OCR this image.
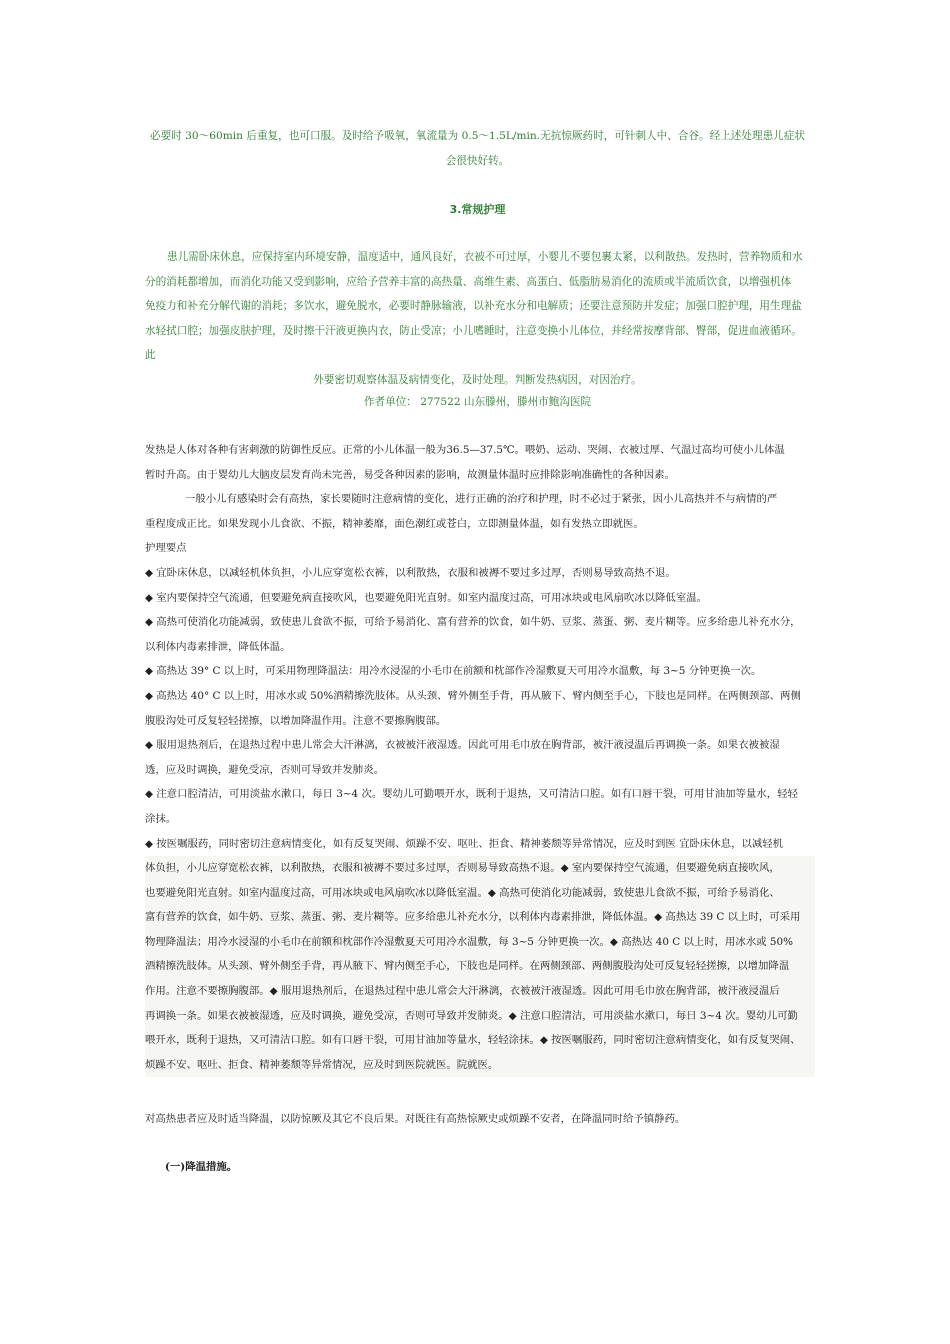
必要时 30～60min 后重复，也可口服。及时给予吸氧，氧流量为 0.5～1.5L/min.无抗惊厥药时，可针刺人中、合谷。经上述处理患儿症状
会很快好转。
3.常规护理
患儿需卧床休息，应保持室内环境安静，温度适中，通风良好，衣被不可过厚，小婴儿不要包裹太紧，以利散热。发热时，营养物质和水
分的消耗都增加，而消化功能又受到影响，应给予营养丰富的高热量、高维生素、高蛋白、低脂肪易消化的流质或半流质饮食，以增强机体
免疫力和补充分解代谢的消耗；多饮水，避免脱水，必要时静脉输液，以补充水分和电解质；还要注意预防并发症；加强口腔护理，用生理盐
水轻拭口腔；加强皮肤护理，及时擦干汗液更换内衣，防止受凉；小儿嗜睡时，注意变换小儿体位，并经常按摩背部、臀部，促进血液循环。此
外要密切观察体温及病情变化，及时处理。判断发热病因，对因治疗。
作者单位： 277522 山东滕州，滕州市鲍沟医院
发热是人体对各种有害刺激的防御性反应。正常的小儿体温一般为36.5—37.5℃。喂奶、运动、哭闹、衣被过厚、气温过高均可使小儿体温
暂时升高。由于婴幼儿大脑皮层发育尚未完善，易受各种因素的影响，故测量体温时应排除影响准确性的各种因素。
一般小儿有感染时会有高热，家长要随时注意病情的变化，进行正确的治疗和护理，时不必过于紧张，因小儿高热并不与病情的严
重程度成正比。如果发现小儿食欲、不振，精神萎靡，面色潮红或苍白，立即测量体温，如有发热立即就医。
护理要点
◆ 宜卧床休息，以减轻机体负担，小儿应穿宽松衣裤，以利散热，衣服和被褥不要过多过厚，否则易导致高热不退。
◆ 室内要保持空气流通，但要避免病直接吹风，也要避免阳光直射。如室内温度过高，可用冰块或电风扇吹冰以降低室温。
◆ 高热可使消化功能减弱，致使患儿食欲不振，可给予易消化、富有营养的饮食，如牛奶、豆浆、蒸蛋、粥、麦片糊等。应多给患儿补充水分，
以利体内毒素排泄，降低体温。
◆ 高热达 39° C 以上时，可采用物理降温法：用冷水浸湿的小毛巾在前额和枕部作冷湿敷夏天可用冷水温敷，每 3~5 分钟更换一次。
◆ 高热达 40° C 以上时，用冰水或 50%酒精擦洗肢体。从头颈、臂外侧至手背，再从腋下、臂内侧至手心，下肢也是同样。在两侧颈部、两侧
腹股沟处可反复轻轻搓擦，以增加降温作用。注意不要擦胸腹部。
◆ 服用退热剂后，在退热过程中患儿常会大汗淋漓，衣被被汗液湿透。因此可用毛巾放在胸背部，被汗液浸温后再调换一条。如果衣被被湿
透，应及时调换，避免受凉，否则可导致并发肺炎。
◆ 注意口腔清洁，可用淡盐水漱口，每日 3~4 次。婴幼儿可勤喂开水，既利于退热，又可清洁口腔。如有口唇干裂，可用甘油加等量水，轻轻
涂抹。
◆ 按医嘱服药，同时密切注意病情变化，如有反复哭闹、烦躁不安、呕吐、拒食、精神萎颓等异常情况，应及时到医 宜卧床休息，以减轻机
体负担，小儿应穿宽松衣裤，以利散热，衣服和被褥不要过多过厚，否则易导致高热不退。◆ 室内要保持空气流通，但要避免病直接吹风，
也要避免阳光直射。如室内温度过高，可用冰块或电风扇吹冰以降低室温。◆ 高热可使消化功能减弱，致使患儿食欲不振，可给予易消化、
富有营养的饮食，如牛奶、豆浆、蒸蛋、粥、麦片糊等。应多给患儿补充水分，以利体内毒素排泄，降低体温。◆ 高热达 39 C 以上时，可采用
物理降温法；用冷水浸湿的小毛巾在前额和枕部作冷湿敷夏天可用冷水温敷，每 3~5 分钟更换一次。◆ 高热达 40 C 以上时，用冰水或 50%
酒精擦洗肢体。从头颈、臂外侧至手背，再从腋下、臂内侧至手心，下肢也是同样。在两侧颈部、两侧腹股沟处可反复轻轻搓擦，以增加降温
作用。注意不要擦胸腹部。◆ 服用退热剂后，在退热过程中患儿常会大汗淋漓，衣被被汗液湿透。因此可用毛巾放在胸背部，被汗液浸温后
再调换一条。如果衣被被湿透，应及时调换，避免受凉，否则可导致并发肺炎。◆ 注意口腔清洁，可用淡盐水漱口，每日 3~4 次。婴幼儿可勤
喂开水，既利于退热，又可清洁口腔。如有口唇干裂，可用甘油加等量水，轻轻涂抹。◆ 按医嘱服药，同时密切注意病情变化，如有反复哭闹、
烦躁不安、呕吐、拒食、精神萎颓等异常情况，应及时到医院就医。院就医。
对高热患者应及时适当降温，以防惊厥及其它不良后果。对既往有高热惊厥史或烦躁不安者，在降温同时给予镇静药。
(一)降温措施。
